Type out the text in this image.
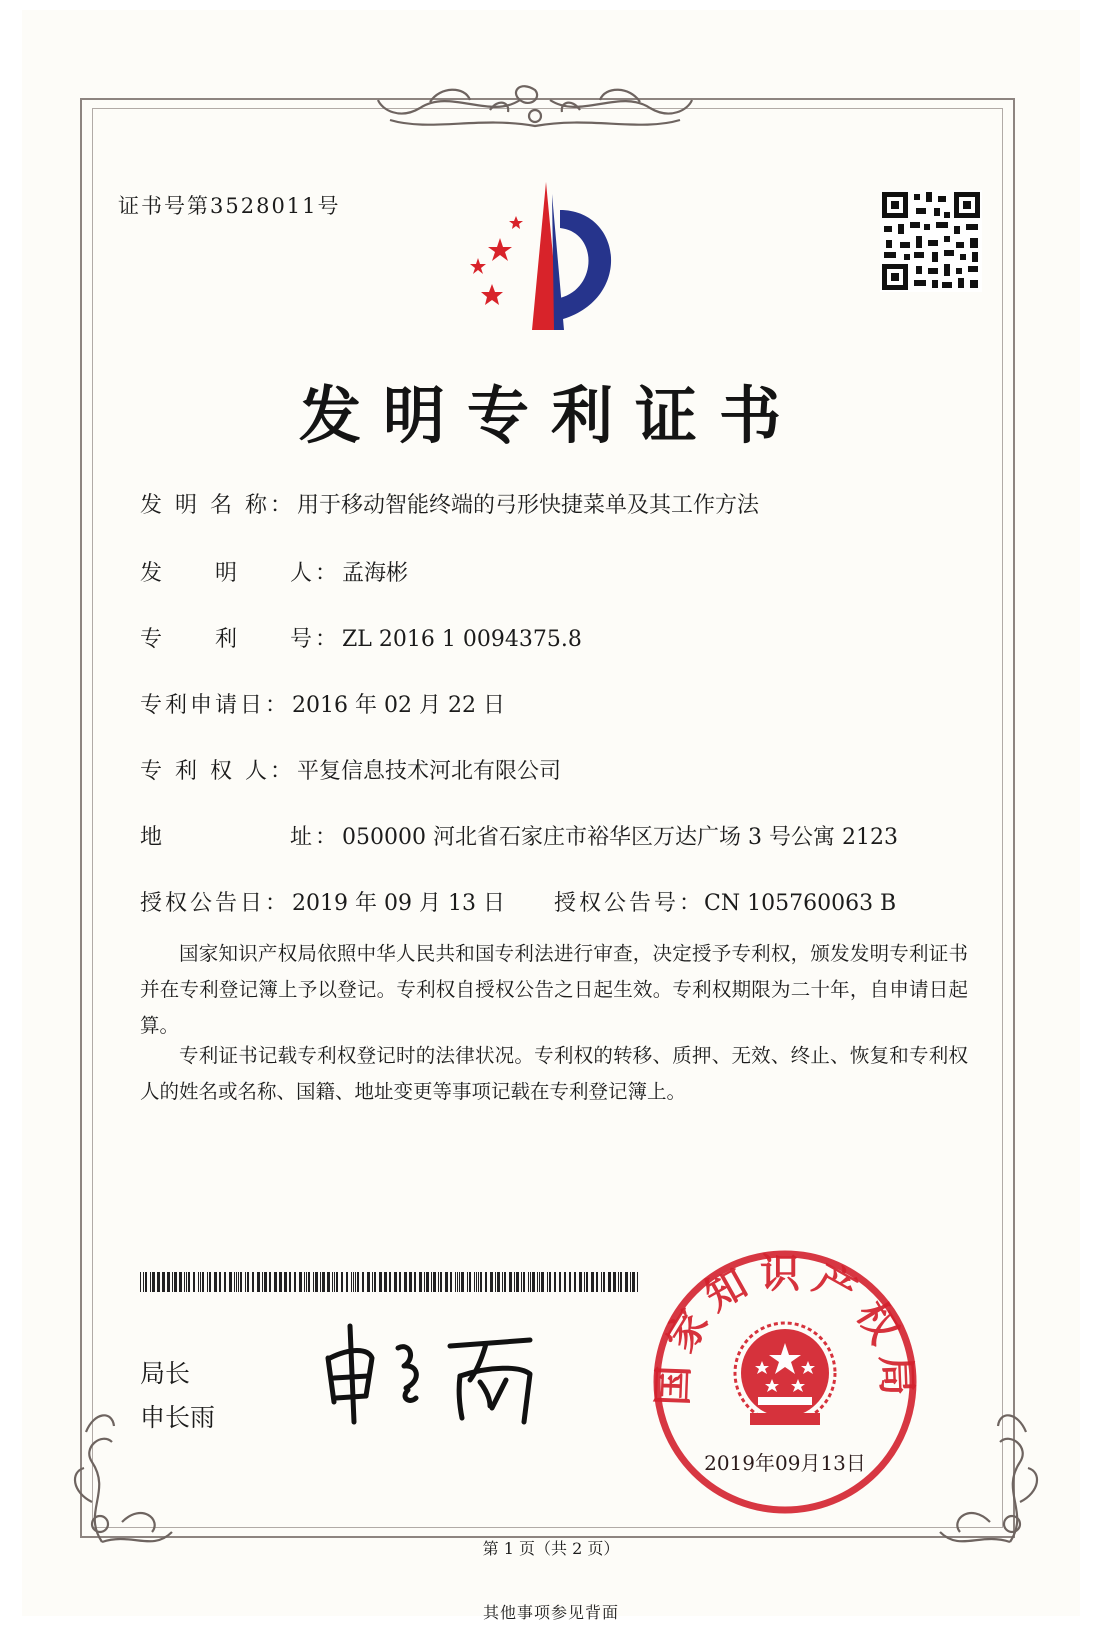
证书号第3528011号
发明专利证书
发 明 名 称： 用于移动智能终端的弓形快捷菜单及其工作方法
发　　明　　人： 孟海彬
专　　利　　号： ZL 2016 1 0094375.8
专利申请日： 2016 年 02 月 22 日
专 利 权 人： 平复信息技术河北有限公司
地　　　　　址： 050000 河北省石家庄市裕华区万达广场 3 号公寓 2123
授权公告日： 2019 年 09 月 13 日 授权公告号：CN 105760063 B
国家知识产权局依照中华人民共和国专利法进行审查，决定授予专利权，颁发发明专利证书并在专利登记簿上予以登记。专利权自授权公告之日起生效。专利权期限为二十年，自申请日起算。
专利证书记载专利权登记时的法律状况。专利权的转移、质押、无效、终止、恢复和专利权人的姓名或名称、国籍、地址变更等事项记载在专利登记簿上。
局长
申长雨
国家知识产权局
2019年09月13日
第 1 页（共 2 页）
其他事项参见背面
